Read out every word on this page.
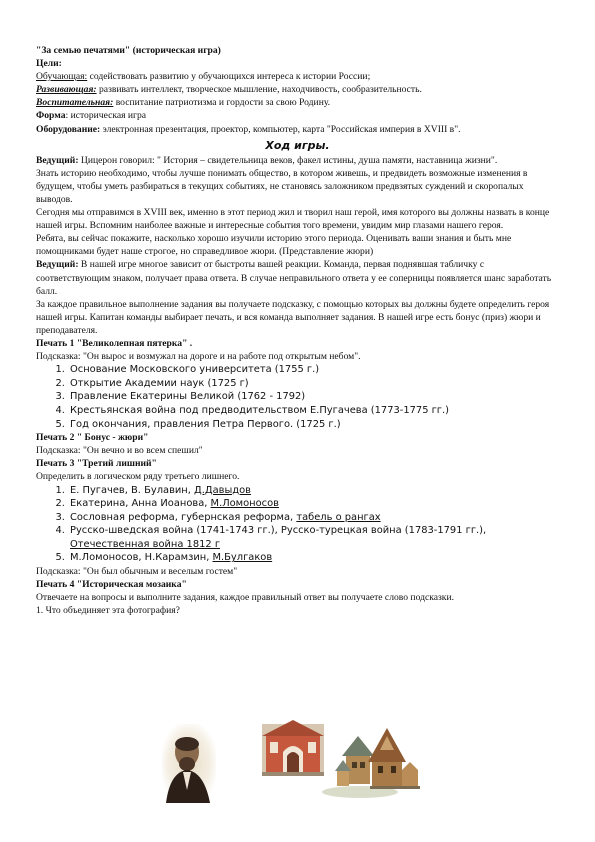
"За семью печатями" (историческая игра)

Цели:

Обучающая: содействовать развитию у обучающихся интереса к истории России;

Развивающая: развивать интеллект, творческое мышление, находчивость, сообразительность.

Воспитательная: воспитание патриотизма и гордости за свою Родину.

Форма: историческая игра

Оборудование: электронная презентация, проектор, компьютер, карта "Российская империя в XVIII в".

Ход игры.

Ведущий: Цицерон говорил: " История – свидетельница веков, факел истины, душа памяти, наставница жизни".

Знать историю необходимо, чтобы лучше понимать общество, в котором живешь, и предвидеть возможные изменения в будущем, чтобы уметь разбираться в текущих событиях, не становясь заложником предвзятых суждений и скоропалых выводов.

Сегодня мы отправимся в XVIII век, именно в этот период жил и творил наш герой, имя которого вы должны назвать в конце нашей игры. Вспомним наиболее важные и интересные события того времени, увидим мир глазами нашего героя.

Ребята, вы сейчас покажите, насколько хорошо изучили историю этого периода. Оценивать ваши знания и быть мне помощниками будет наше строгое, но справедливое жюри. (Представление жюри)

Ведущий: В нашей игре многое зависит от быстроты вашей реакции. Команда, первая поднявшая табличку с соответствующим знаком, получает права ответа. В случае неправильного ответа у ее соперницы появляется шанс заработать балл.

За каждое правильное выполнение задания вы получаете подсказку, с помощью которых вы должны будете определить героя нашей игры. Капитан команды выбирает печать, и вся команда выполняет задания. В нашей игре есть бонус (приз) жюри и преподавателя.

Печать 1 "Великолепная пятерка" .

Подсказка: "Он вырос и возмужал на дороге и на работе под открытым небом".

1. Основание Московского университета (1755 г.)
2. Открытие Академии наук (1725 г)
3. Правление Екатерины Великой (1762 - 1792)
4. Крестьянская война под предводительством Е.Пугачева (1773-1775 гг.)
5. Год окончания, правления Петра Первого. (1725 г.)

Печать 2 " Бонус - жюри"

Подсказка: "Он вечно и во всем спешил"

Печать 3 "Третий лишний"

Определить в логическом ряду третьего лишнего.

1. Е. Пугачев, В. Булавин, Д.Давыдов
2. Екатерина, Анна Иоанова, М.Ломоносов
3. Сословная реформа, губернская реформа, табель о рангах
4. Русско-шведская война (1741-1743 гг.), Русско-турецкая война (1783-1791 гг.), Отечественная война 1812 г
5. М.Ломоносов, Н.Карамзин, М.Булгаков

Подсказка: "Он был обычным и веселым гостем"

Печать 4 "Историческая мозаика"

Отвечаете на вопросы и выполните задания, каждое правильный ответ вы получаете слово подсказки.

1. Что объединяет эта фотография?
